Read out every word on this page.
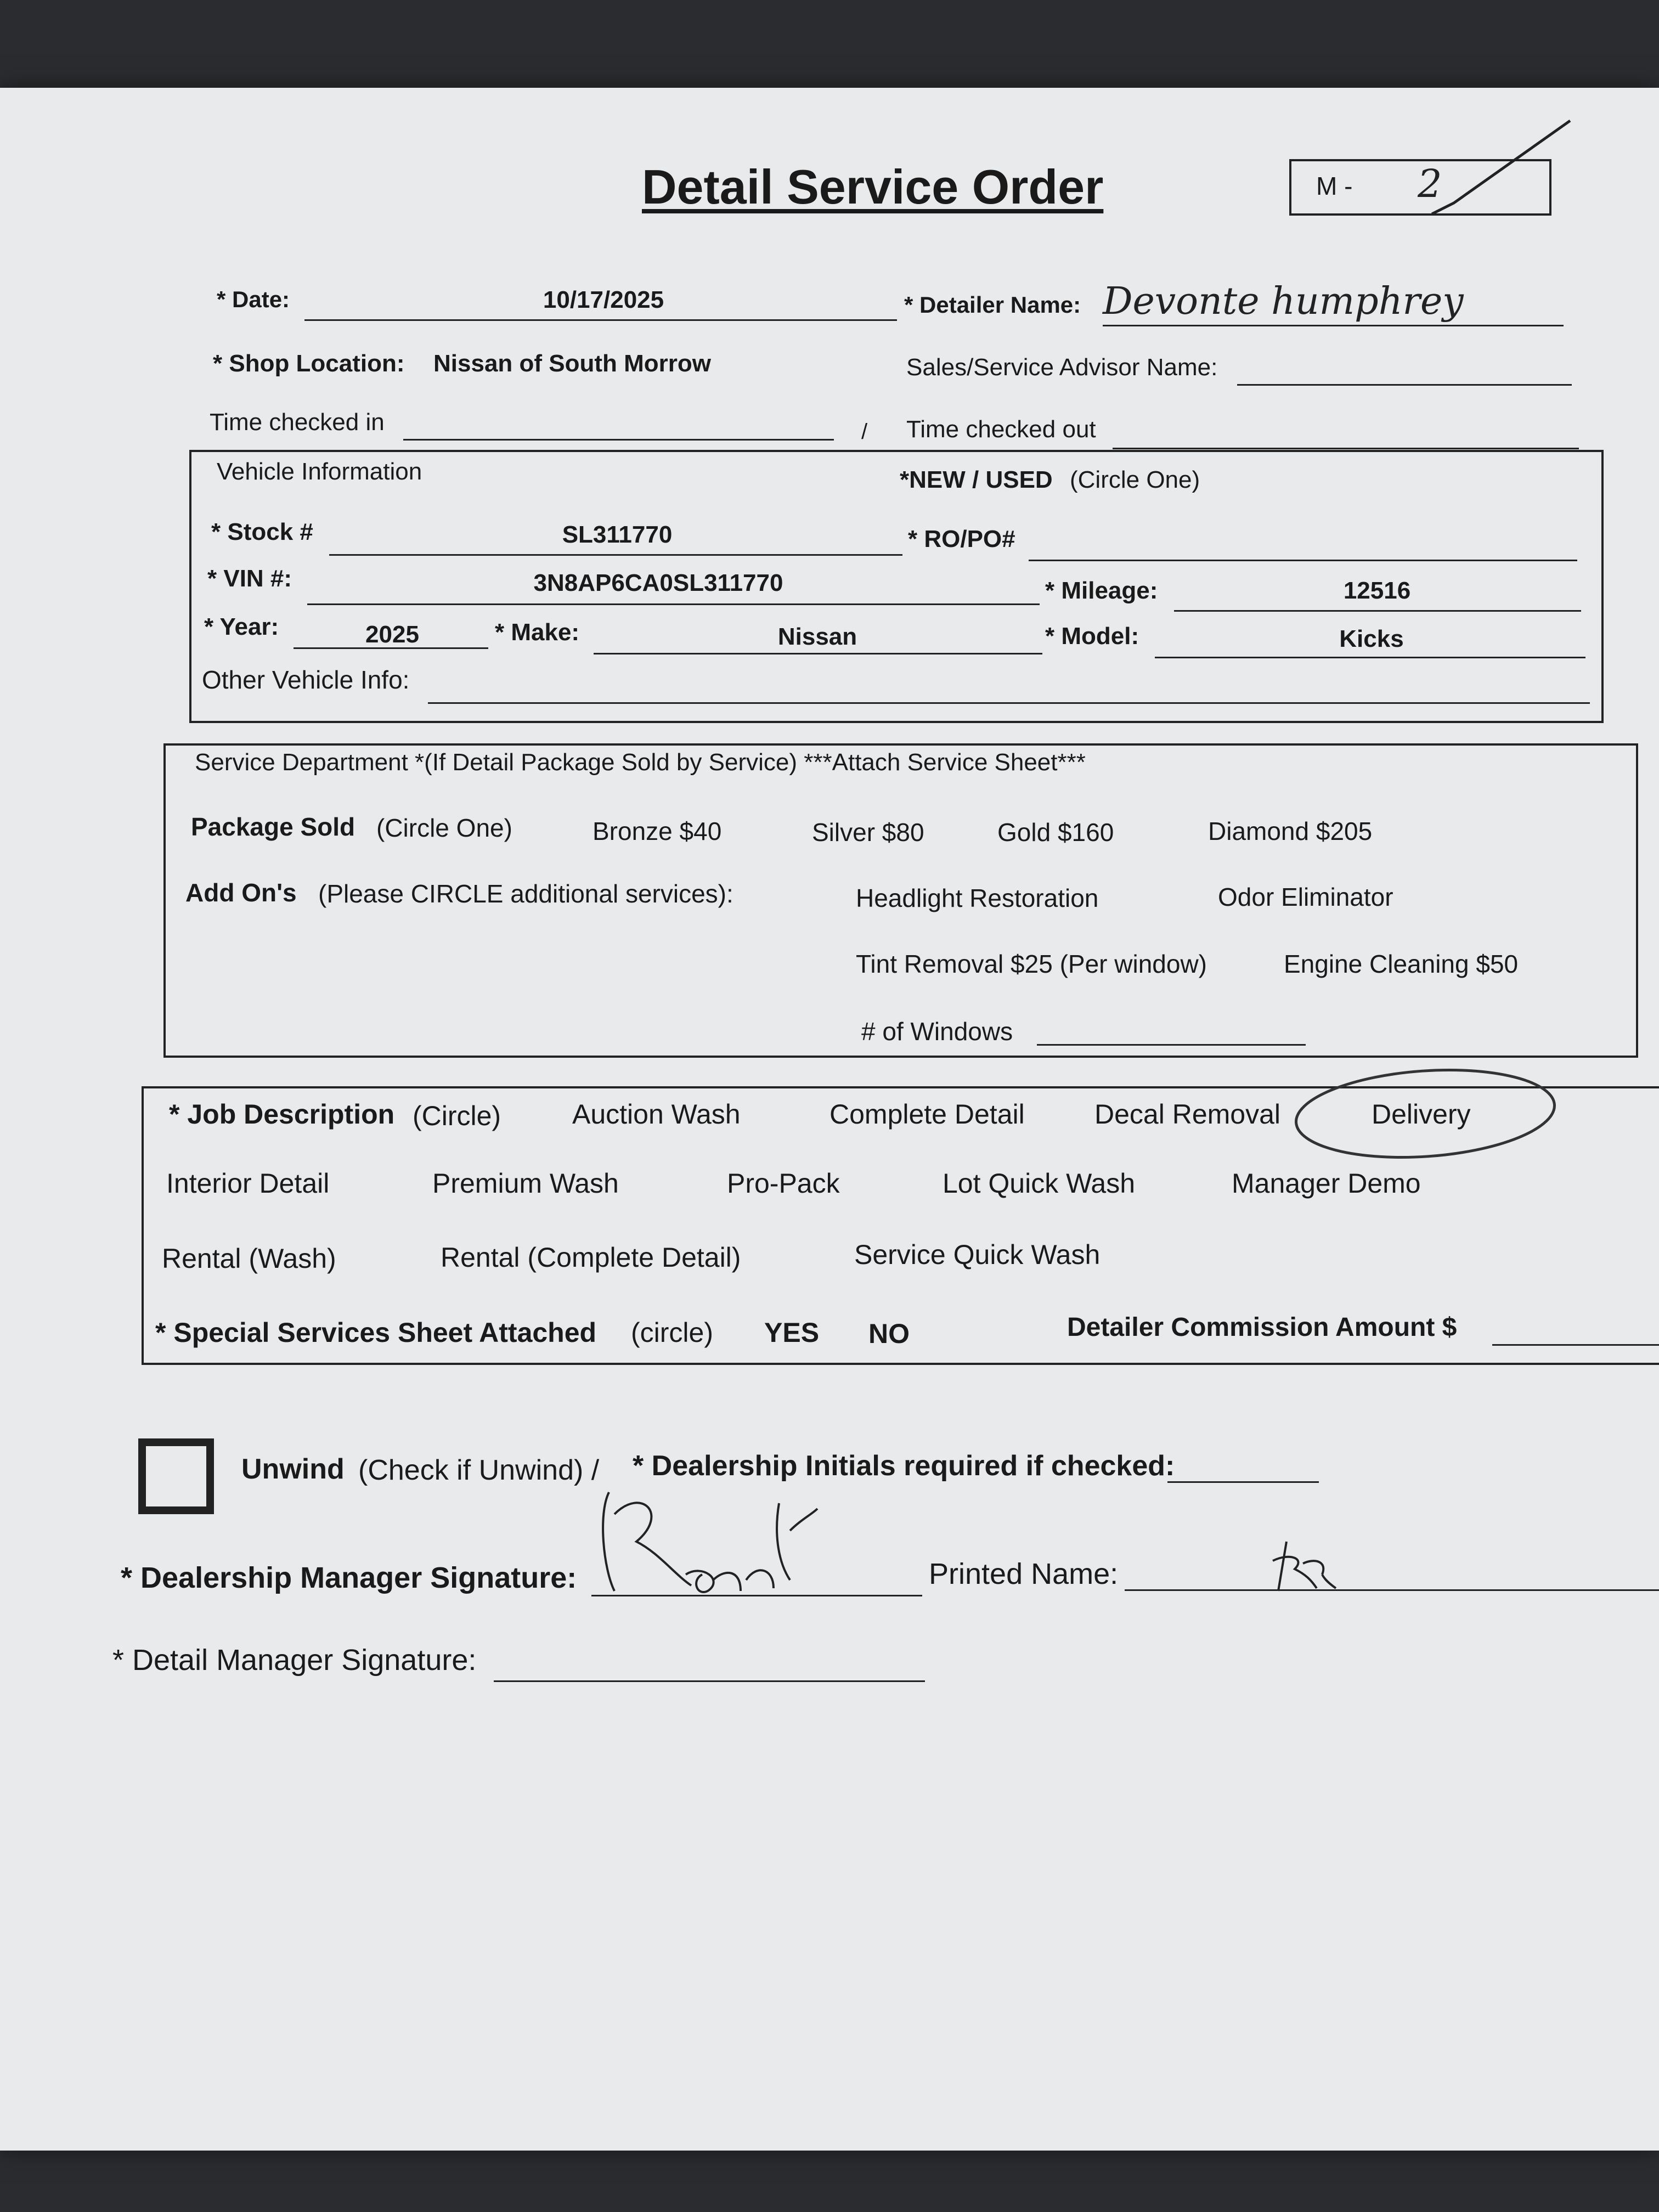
Detail Service Order	M - 2
* Date:	10/17/2025	* Detailer Name: Devonte humphrey
* Shop Location: Nissan of South Morrow	Sales/Service Advisor Name:
Time checked in	/ Time checked out
Vehicle Information	*NEW / USED (Circle One)
* Stock #	SL311770	* RO/PO#
* VIN #:	3N8AP6CA0SL311770	* Mileage:	12516
* Year:	2025	* Make:	Nissan	* Model:	Kicks
Other Vehicle Info:
Service Department *(If Detail Package Sold by Service) ***Attach Service Sheet***
Package Sold (Circle One)	Bronze $40	Silver $80	Gold $160	Diamond $205
Add On's (Please CIRCLE additional services):	Headlight Restoration	Odor Eliminator
Tint Removal $25 (Per window)	Engine Cleaning $50
# of Windows
* Job Description (Circle)	Auction Wash	Complete Detail	Decal Removal	Delivery
Interior Detail	Premium Wash	Pro-Pack	Lot Quick Wash	Manager Demo
Rental (Wash)	Rental (Complete Detail)	Service Quick Wash
* Special Services Sheet Attached (circle) YES NO	Detailer Commission Amount $
Unwind (Check if Unwind) / * Dealership Initials required if checked:
* Dealership Manager Signature:	Printed Name:
* Detail Manager Signature:
